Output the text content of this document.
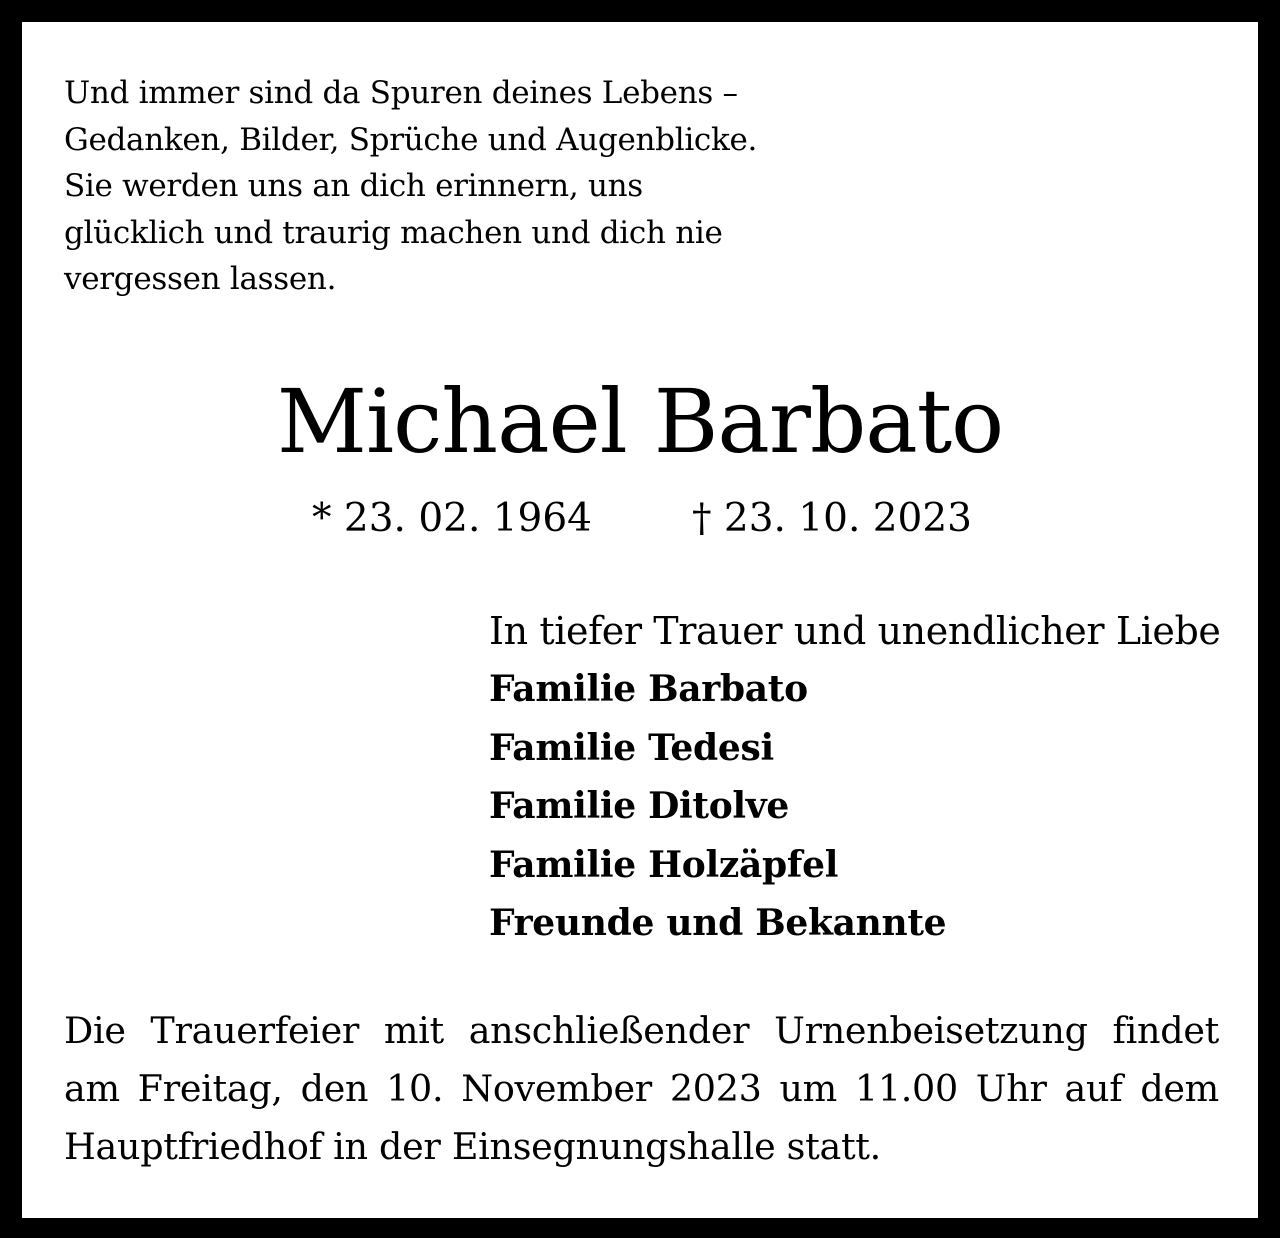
Und immer sind da Spuren deines Lebens –
Gedanken, Bilder, Sprüche und Augenblicke.
Sie werden uns an dich erinnern, uns
glücklich und traurig machen und dich nie
vergessen lassen.
Michael Barbato
* 23. 02. 1964	† 23. 10. 2023
In tiefer Trauer und unendlicher Liebe
Familie Barbato
Familie Tedesi
Familie Ditolve
Familie Holzäpfel
Freunde und Bekannte
Die Trauerfeier mit anschließender Urnenbeisetzung findet
am Freitag, den 10. November 2023 um 11.00 Uhr auf dem
Hauptfriedhof in der Einsegnungshalle statt.
